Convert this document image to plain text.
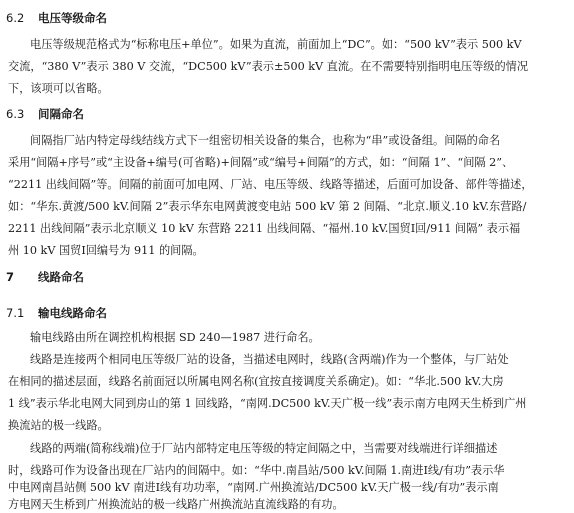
6.2 电压等级命名
电压等级规范格式为“标称电压+单位”。如果为直流，前面加上“DC”。如：“500 kV”表示 500 kV
交流，“380 V”表示 380 V 交流，“DC500 kV”表示±500 kV 直流。在不需要特别指明电压等级的情况
下，该项可以省略。
6.3 间隔命名
间隔指厂站内特定母线结线方式下一组密切相关设备的集合，也称为“串”或设备组。间隔的命名
采用“间隔+序号”或“主设备+编号(可省略)+间隔”或“编号+间隔”的方式，如：“间隔 1”、“间隔 2”、
“2211 出线间隔”等。间隔的前面可加电网、厂站、电压等级、线路等描述，后面可加设备、部件等描述，
如：“华东.黄渡/500 kV.间隔 2”表示华东电网黄渡变电站 500 kV 第 2 间隔、“北京.顺义.10 kV.东营路/
2211 出线间隔”表示北京顺义 10 kV 东营路 2211 出线间隔、“福州.10 kV.国贸Ⅰ回/911 间隔” 表示福
州 10 kV 国贸Ⅰ回编号为 911 的间隔。
7 线路命名
7.1 输电线路命名
输电线路由所在调控机构根据 SD 240—1987 进行命名。
线路是连接两个相同电压等级厂站的设备，当描述电网时，线路(含两端)作为一个整体，与厂站处
在相同的描述层面，线路名前面冠以所属电网名称(宜按直接调度关系确定)。如：“华北.500 kV.大房
1 线”表示华北电网大同到房山的第 1 回线路，“南网.DC500 kV.天广极一线”表示南方电网天生桥到广州
换流站的极一线路。
线路的两端(简称线端)位于厂站内部特定电压等级的特定间隔之中，当需要对线端进行详细描述
时，线路可作为设备出现在厂站内的间隔中。如：“华中.南昌站/500 kV.间隔 1.南进Ⅰ线/有功”表示华
中电网南昌站侧 500 kV 南进Ⅰ线有功功率，“南网.广州换流站/DC500 kV.天广极一线/有功”表示南
方电网天生桥到广州换流站的极一线路广州换流站直流线路的有功。
